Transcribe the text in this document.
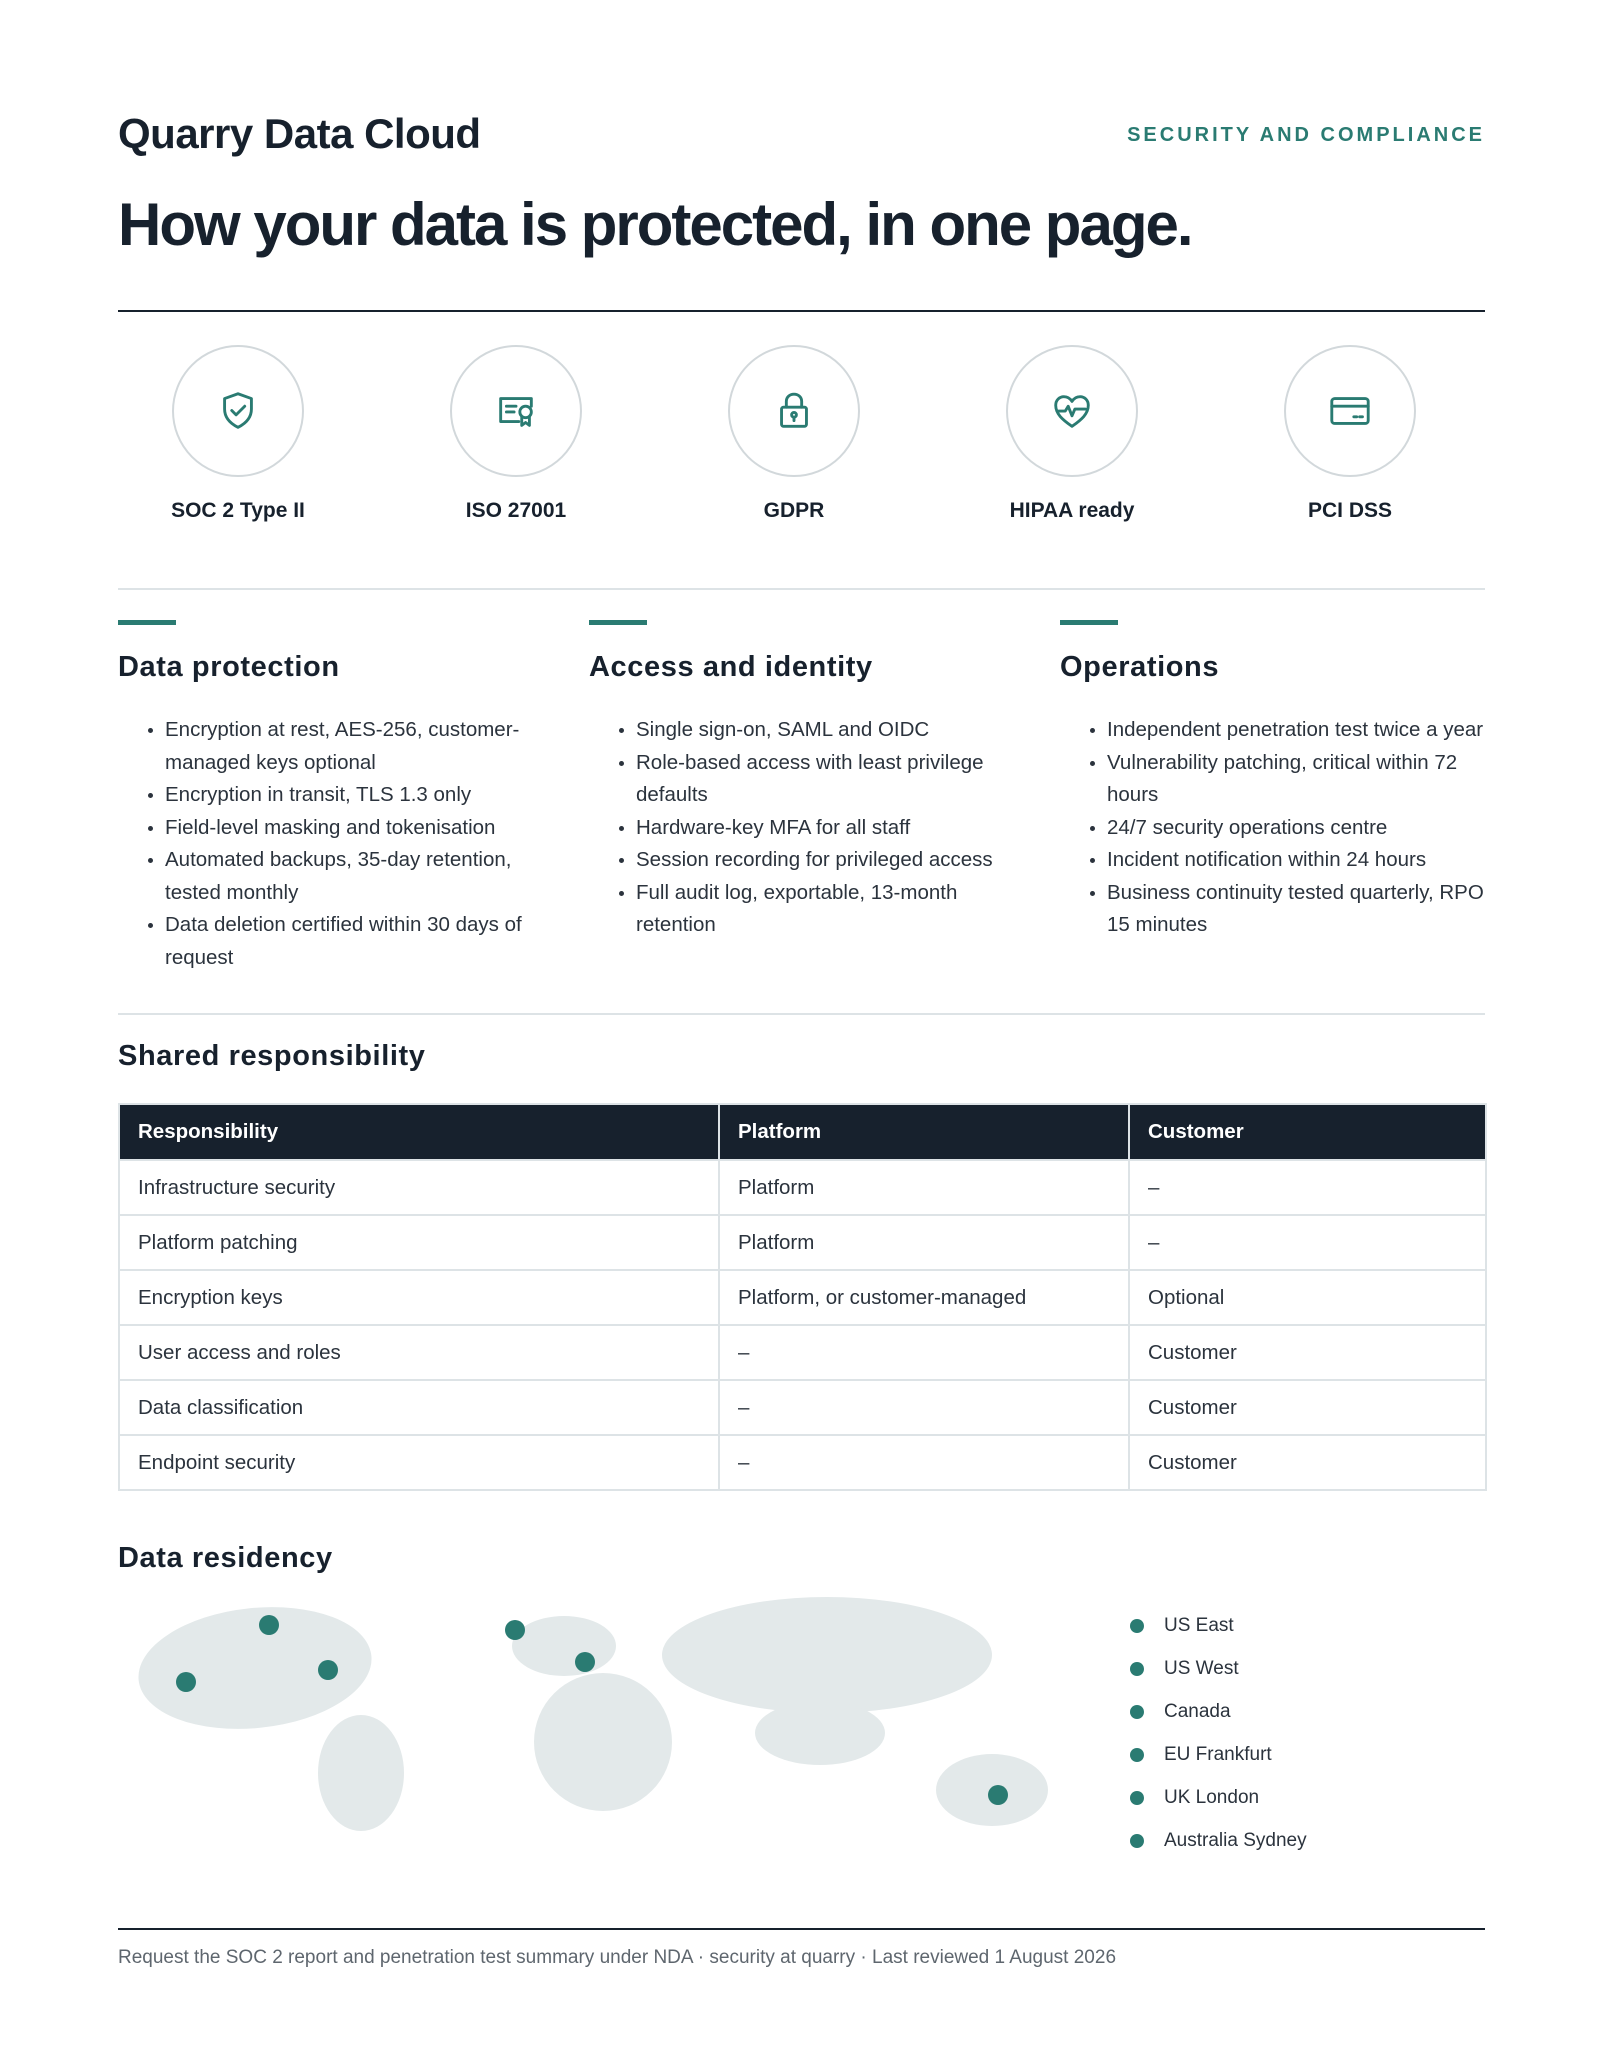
Quarry Data Cloud	SECURITY AND COMPLIANCE
How your data is protected, in one page.
SOC 2 Type II	ISO 27001	GDPR	HIPAA ready	PCI DSS
Data protection
• Encryption at rest, AES-256, customer-managed keys optional
• Encryption in transit, TLS 1.3 only
• Field-level masking and tokenisation
• Automated backups, 35-day retention, tested monthly
• Data deletion certified within 30 days of request
Access and identity
• Single sign-on, SAML and OIDC
• Role-based access with least privilege defaults
• Hardware-key MFA for all staff
• Session recording for privileged access
• Full audit log, exportable, 13-month retention
Operations
• Independent penetration test twice a year
• Vulnerability patching, critical within 72 hours
• 24/7 security operations centre
• Incident notification within 24 hours
• Business continuity tested quarterly, RPO 15 minutes
Shared responsibility
Responsibility	Platform	Customer
Infrastructure security	Platform	–
Platform patching	Platform	–
Encryption keys	Platform, or customer-managed	Optional
User access and roles	–	Customer
Data classification	–	Customer
Endpoint security	–	Customer
Data residency
US East
US West
Canada
EU Frankfurt
UK London
Australia Sydney
Request the SOC 2 report and penetration test summary under NDA · security at quarry · Last reviewed 1 August 2026
